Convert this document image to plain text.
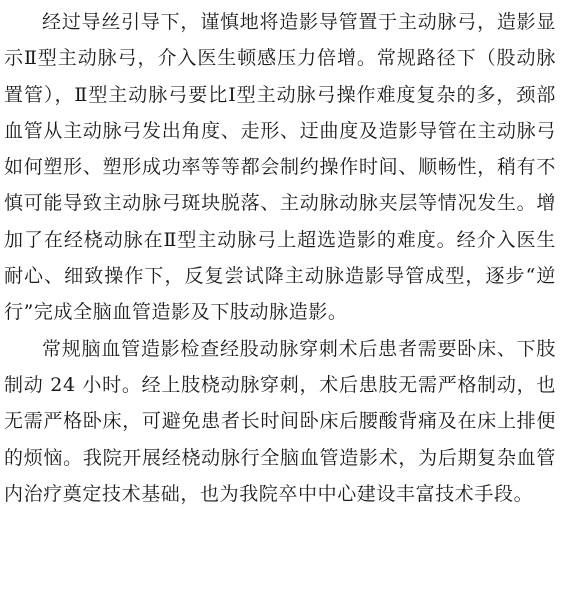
经过导丝引导下，谨慎地将造影导管置于主动脉弓，造影显示Ⅱ型主动脉弓，介入医生顿感压力倍增。常规路径下（股动脉置管），Ⅱ型主动脉弓要比Ⅰ型主动脉弓操作难度复杂的多，颈部血管从主动脉弓发出角度、走形、迂曲度及造影导管在主动脉弓如何塑形、塑形成功率等等都会制约操作时间、顺畅性，稍有不慎可能导致主动脉弓斑块脱落、主动脉动脉夹层等情况发生。增加了在经桡动脉在Ⅱ型主动脉弓上超选造影的难度。经介入医生耐心、细致操作下，反复尝试降主动脉造影导管成型，逐步“逆行”完成全脑血管造影及下肢动脉造影。

常规脑血管造影检查经股动脉穿刺术后患者需要卧床、下肢制动 24 小时。经上肢桡动脉穿刺，术后患肢无需严格制动，也无需严格卧床，可避免患者长时间卧床后腰酸背痛及在床上排便的烦恼。我院开展经桡动脉行全脑血管造影术，为后期复杂血管内治疗奠定技术基础，也为我院卒中中心建设丰富技术手段。
